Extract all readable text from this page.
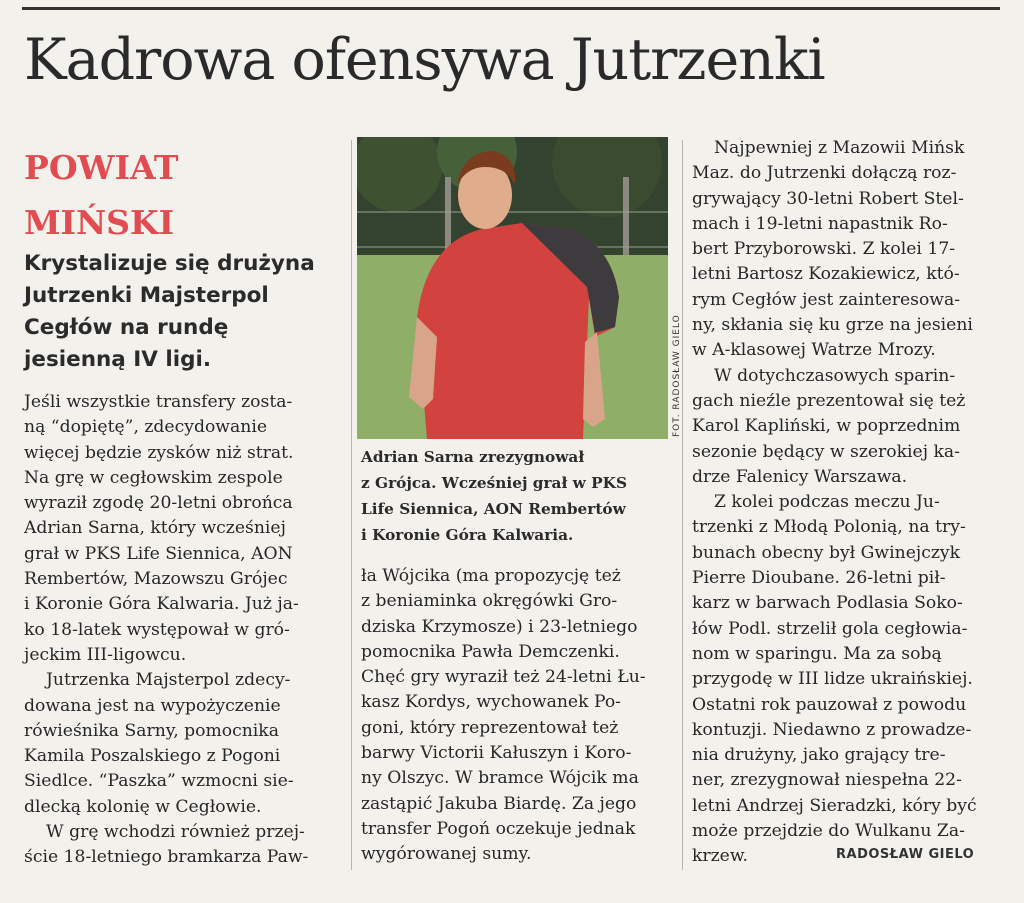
Kadrowa ofensywa Jutrzenki
POWIAT
MIŃSKI
Krystalizuje się drużyna
Jutrzenki Majsterpol
Cegłów na rundę
jesienną IV ligi.
Jeśli wszystkie transfery zosta-
ną “dopiętę”, zdecydowanie
więcej będzie zysków niż strat.
Na grę w cegłowskim zespole
wyraził zgodę 20-letni obrońca
Adrian Sarna, który wcześniej
grał w PKS Life Siennica, AON
Rembertów, Mazowszu Grójec
i Koronie Góra Kalwaria. Już ja-
ko 18-latek występował w gró-
jeckim III-ligowcu.
Jutrzenka Majsterpol zdecy-
dowana jest na wypożyczenie
rówieśnika Sarny, pomocnika
Kamila Poszalskiego z Pogoni
Siedlce. “Paszka” wzmocni sie-
dlecką kolonię w Cegłowie.
W grę wchodzi również przej-
ście 18-letniego bramkarza Paw-
FOT. RADOSŁAW GIELO
Adrian Sarna zrezygnował
z Grójca. Wcześniej grał w PKS
Life Siennica, AON Rembertów
i Koronie Góra Kalwaria.
ła Wójcika (ma propozycję też
z beniaminka okręgówki Gro-
dziska Krzymosze) i 23-letniego
pomocnika Pawła Demczenki.
Chęć gry wyraził też 24-letni Łu-
kasz Kordys, wychowanek Po-
goni, który reprezentował też
barwy Victorii Kałuszyn i Koro-
ny Olszyc. W bramce Wójcik ma
zastąpić Jakuba Biardę. Za jego
transfer Pogoń oczekuje jednak
wygórowanej sumy.
Najpewniej z Mazowii Mińsk
Maz. do Jutrzenki dołączą roz-
grywający 30-letni Robert Stel-
mach i 19-letni napastnik Ro-
bert Przyborowski. Z kolei 17-
letni Bartosz Kozakiewicz, któ-
rym Cegłów jest zainteresowa-
ny, skłania się ku grze na jesieni
w A-klasowej Watrze Mrozy.
W dotychczasowych sparin-
gach nieźle prezentował się też
Karol Kapliński, w poprzednim
sezonie będący w szerokiej ka-
drze Falenicy Warszawa.
Z kolei podczas meczu Ju-
trzenki z Młodą Polonią, na try-
bunach obecny był Gwinejczyk
Pierre Dioubane. 26-letni pił-
karz w barwach Podlasia Soko-
łów Podl. strzelił gola cegłowia-
nom w sparingu. Ma za sobą
przygodę w III lidze ukraińskiej.
Ostatni rok pauzował z powodu
kontuzji. Niedawno z prowadze-
nia drużyny, jako grający tre-
ner, zrezygnował niespełna 22-
letni Andrzej Sieradzki, kóry być
może przejdzie do Wulkanu Za-
krzew.	RADOSŁAW GIELO
